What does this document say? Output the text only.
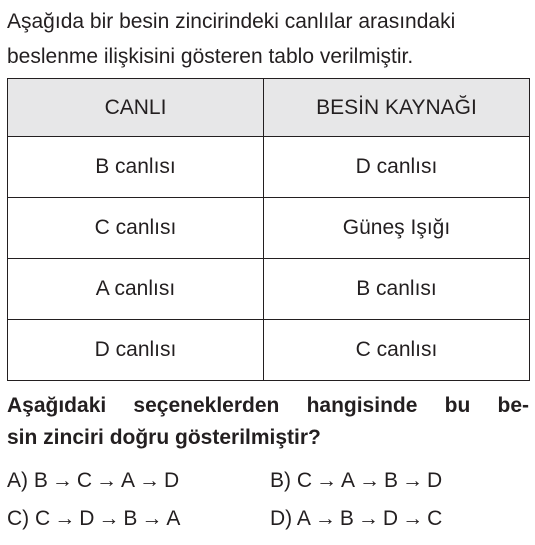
Aşağıda bir besin zincirindeki canlılar arasındaki
beslenme ilişkisini gösteren tablo verilmiştir.
CANLI	BESİN KAYNAĞI
B canlısı	D canlısı
C canlısı	Güneş Işığı
A canlısı	B canlısı
D canlısı	C canlısı
Aşağıdaki seçeneklerden hangisinde bu be-
sin zinciri doğru gösterilmiştir?
A) B → C → A → D	B) C → A → B → D
C) C → D → B → A	D) A → B → D → C
